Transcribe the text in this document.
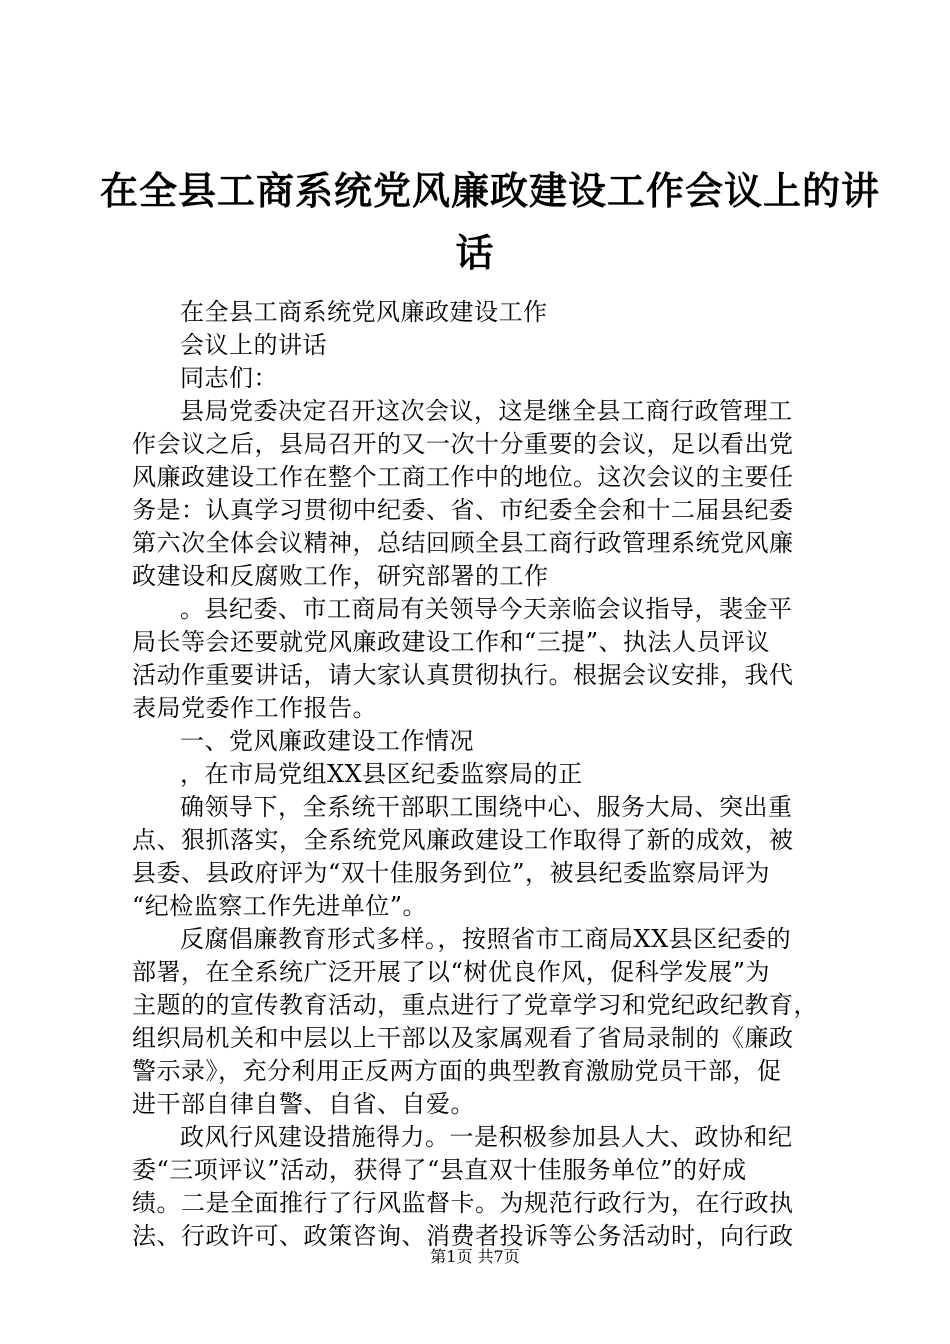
在全县工商系统党风廉政建设工作会议上的讲
话
在全县工商系统党风廉政建设工作
会议上的讲话
同志们：
县局党委决定召开这次会议，这是继全县工商行政管理工
作会议之后，县局召开的又一次十分重要的会议，足以看出党
风廉政建设工作在整个工商工作中的地位。这次会议的主要任
务是：认真学习贯彻中纪委、省、市纪委全会和十二届县纪委
第六次全体会议精神，总结回顾全县工商行政管理系统党风廉
政建设和反腐败工作，研究部署的工作
。县纪委、市工商局有关领导今天亲临会议指导，裴金平
局长等会还要就党风廉政建设工作和“三提”、执法人员评议
活动作重要讲话，请大家认真贯彻执行。根据会议安排，我代
表局党委作工作报告。
一、党风廉政建设工作情况
，在市局党组XX县区纪委监察局的正
确领导下，全系统干部职工围绕中心、服务大局、突出重
点、狠抓落实，全系统党风廉政建设工作取得了新的成效，被
县委、县政府评为“双十佳服务到位”，被县纪委监察局评为
“纪检监察工作先进单位”。
反腐倡廉教育形式多样。，按照省市工商局XX县区纪委的
部署，在全系统广泛开展了以“树优良作风，促科学发展”为
主题的的宣传教育活动，重点进行了党章学习和党纪政纪教育，
组织局机关和中层以上干部以及家属观看了省局录制的《廉政
警示录》，充分利用正反两方面的典型教育激励党员干部，促
进干部自律自警、自省、自爱。
政风行风建设措施得力。一是积极参加县人大、政协和纪
委“三项评议”活动，获得了“县直双十佳服务单位”的好成
绩。二是全面推行了行风监督卡。为规范行政行为，在行政执
法、行政许可、政策咨询、消费者投诉等公务活动时，向行政
第1页 共7页
